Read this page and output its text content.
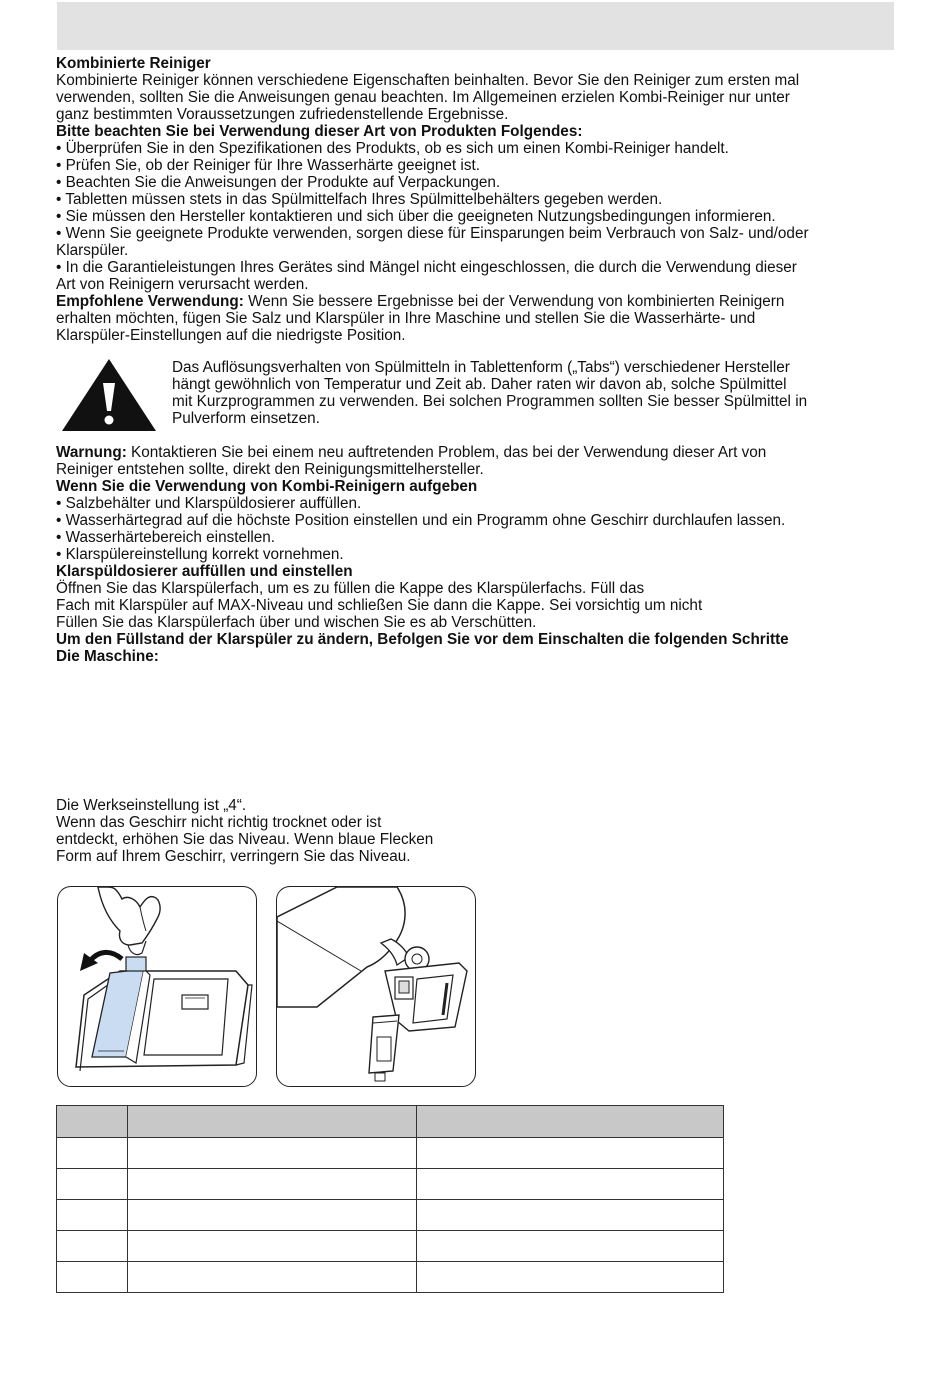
Kombinierte Reiniger

Kombinierte Reiniger können verschiedene Eigenschaften beinhalten. Bevor Sie den Reiniger zum ersten mal

verwenden, sollten Sie die Anweisungen genau beachten. Im Allgemeinen erzielen Kombi-Reiniger nur unter

ganz bestimmten Voraussetzungen zufriedenstellende Ergebnisse.

Bitte beachten Sie bei Verwendung dieser Art von Produkten Folgendes:

• Überprüfen Sie in den Spezifikationen des Produkts, ob es sich um einen Kombi-Reiniger handelt.

• Prüfen Sie, ob der Reiniger für Ihre Wasserhärte geeignet ist.

• Beachten Sie die Anweisungen der Produkte auf Verpackungen.

• Tabletten müssen stets in das Spülmittelfach Ihres Spülmittelbehälters gegeben werden.

• Sie müssen den Hersteller kontaktieren und sich über die geeigneten Nutzungsbedingungen informieren.

• Wenn Sie geeignete Produkte verwenden, sorgen diese für Einsparungen beim Verbrauch von Salz- und/oder

Klarspüler.

• In die Garantieleistungen Ihres Gerätes sind Mängel nicht eingeschlossen, die durch die Verwendung dieser

Art von Reinigern verursacht werden.

Empfohlene Verwendung: Wenn Sie bessere Ergebnisse bei der Verwendung von kombinierten Reinigern

erhalten möchten, fügen Sie Salz und Klarspüler in Ihre Maschine und stellen Sie die Wasserhärte- und

Klarspüler-Einstellungen auf die niedrigste Position.

Das Auflösungsverhalten von Spülmitteln in Tablettenform („Tabs“) verschiedener Hersteller

hängt gewöhnlich von Temperatur und Zeit ab. Daher raten wir davon ab, solche Spülmittel

mit Kurzprogrammen zu verwenden. Bei solchen Programmen sollten Sie besser Spülmittel in

Pulverform einsetzen.

Warnung: Kontaktieren Sie bei einem neu auftretenden Problem, das bei der Verwendung dieser Art von

Reiniger entstehen sollte, direkt den Reinigungsmittelhersteller.

Wenn Sie die Verwendung von Kombi-Reinigern aufgeben

• Salzbehälter und Klarspüldosierer auffüllen.

• Wasserhärtegrad auf die höchste Position einstellen und ein Programm ohne Geschirr durchlaufen lassen.

• Wasserhärtebereich einstellen.

• Klarspülereinstellung korrekt vornehmen.

Klarspüldosierer auffüllen und einstellen

Öffnen Sie das Klarspülerfach, um es zu füllen die Kappe des Klarspülerfachs. Füll das

Fach mit Klarspüler auf MAX-Niveau und schließen Sie dann die Kappe. Sei vorsichtig um nicht

Füllen Sie das Klarspülerfach über und wischen Sie es ab Verschütten.

Um den Füllstand der Klarspüler zu ändern, Befolgen Sie vor dem Einschalten die folgenden Schritte

Die Maschine:

Die Werkseinstellung ist „4“.

Wenn das Geschirr nicht richtig trocknet oder ist

entdeckt, erhöhen Sie das Niveau. Wenn blaue Flecken

Form auf Ihrem Geschirr, verringern Sie das Niveau.
